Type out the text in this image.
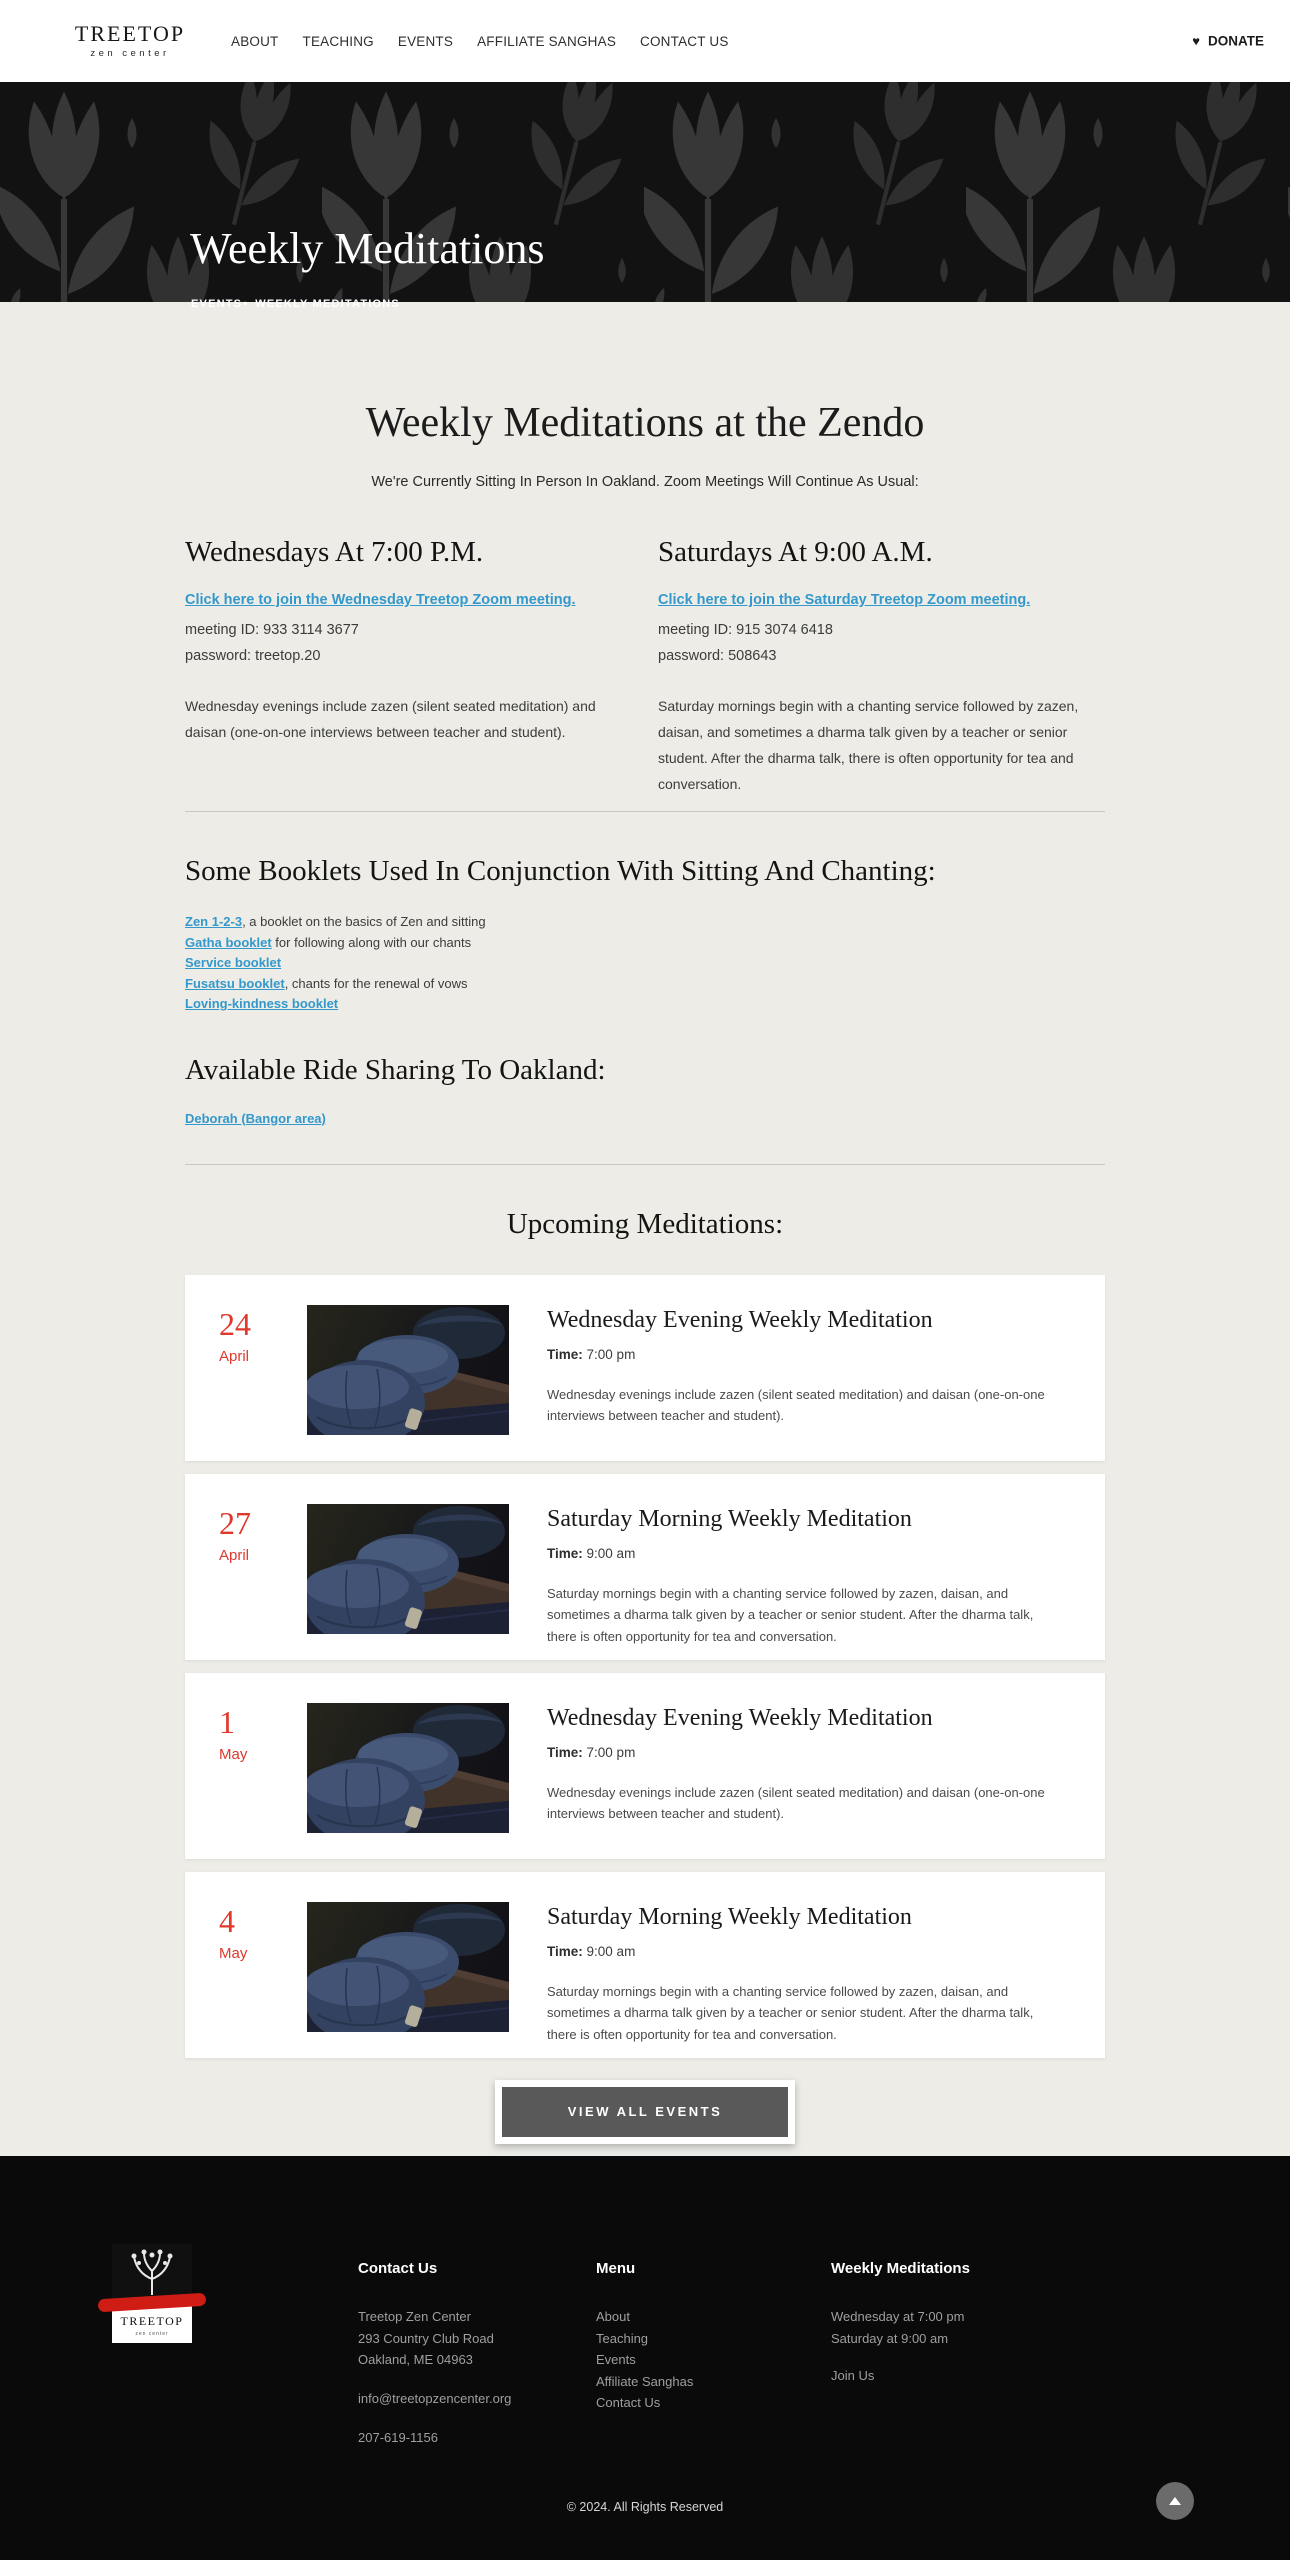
TREETOP
zen center
ABOUT TEACHING EVENTS AFFILIATE SANGHAS CONTACT US	♥ DONATE
Weekly Meditations
EVENTS• WEEKLY MEDITATIONS
Weekly Meditations at the Zendo

We're Currently Sitting In Person In Oakland. Zoom Meetings Will Continue As Usual:

Wednesdays At 7:00 P.M.
Click here to join the Wednesday Treetop Zoom meeting.

meeting ID: 933 3114 3677

password: treetop.20

Wednesday evenings include zazen (silent seated meditation) and daisan (one-on-one interviews between teacher and student).

Saturdays At 9:00 A.M.
Click here to join the Saturday Treetop Zoom meeting.

meeting ID: 915 3074 6418

password: 508643

Saturday mornings begin with a chanting service followed by zazen, daisan, and sometimes a dharma talk given by a teacher or senior student. After the dharma talk, there is often opportunity for tea and conversation.

Some Booklets Used In Conjunction With Sitting And Chanting:
Zen 1-2-3, a booklet on the basics of Zen and sitting
Gatha booklet for following along with our chants
Service booklet
Fusatsu booklet, chants for the renewal of vows
Loving-kindness booklet
Available Ride Sharing To Oakland:
Deborah (Bangor area)
Upcoming Meditations:
24
April
Wednesday Evening Weekly Meditation

Time: 7:00 pm

Wednesday evenings include zazen (silent seated meditation) and daisan (one-on-one interviews between teacher and student).

27
April
Saturday Morning Weekly Meditation

Time: 9:00 am

Saturday mornings begin with a chanting service followed by zazen, daisan, and sometimes a dharma talk given by a teacher or senior student. After the dharma talk, there is often opportunity for tea and conversation.

1
May
Wednesday Evening Weekly Meditation

Time: 7:00 pm

Wednesday evenings include zazen (silent seated meditation) and daisan (one-on-one interviews between teacher and student).

4
May
Saturday Morning Weekly Meditation

Time: 9:00 am

Saturday mornings begin with a chanting service followed by zazen, daisan, and sometimes a dharma talk given by a teacher or senior student. After the dharma talk, there is often opportunity for tea and conversation.

VIEW ALL EVENTS
TREETOP
zen center
Contact Us
Treetop Zen Center
293 Country Club Road
Oakland, ME 04963
info@treetopzencenter.org
207-619-1156
Menu
About
Teaching
Events
Affiliate Sanghas
Contact Us
Weekly Meditations
Wednesday at 7:00 pm
Saturday at 9:00 am
Join Us
© 2024. All Rights Reserved
